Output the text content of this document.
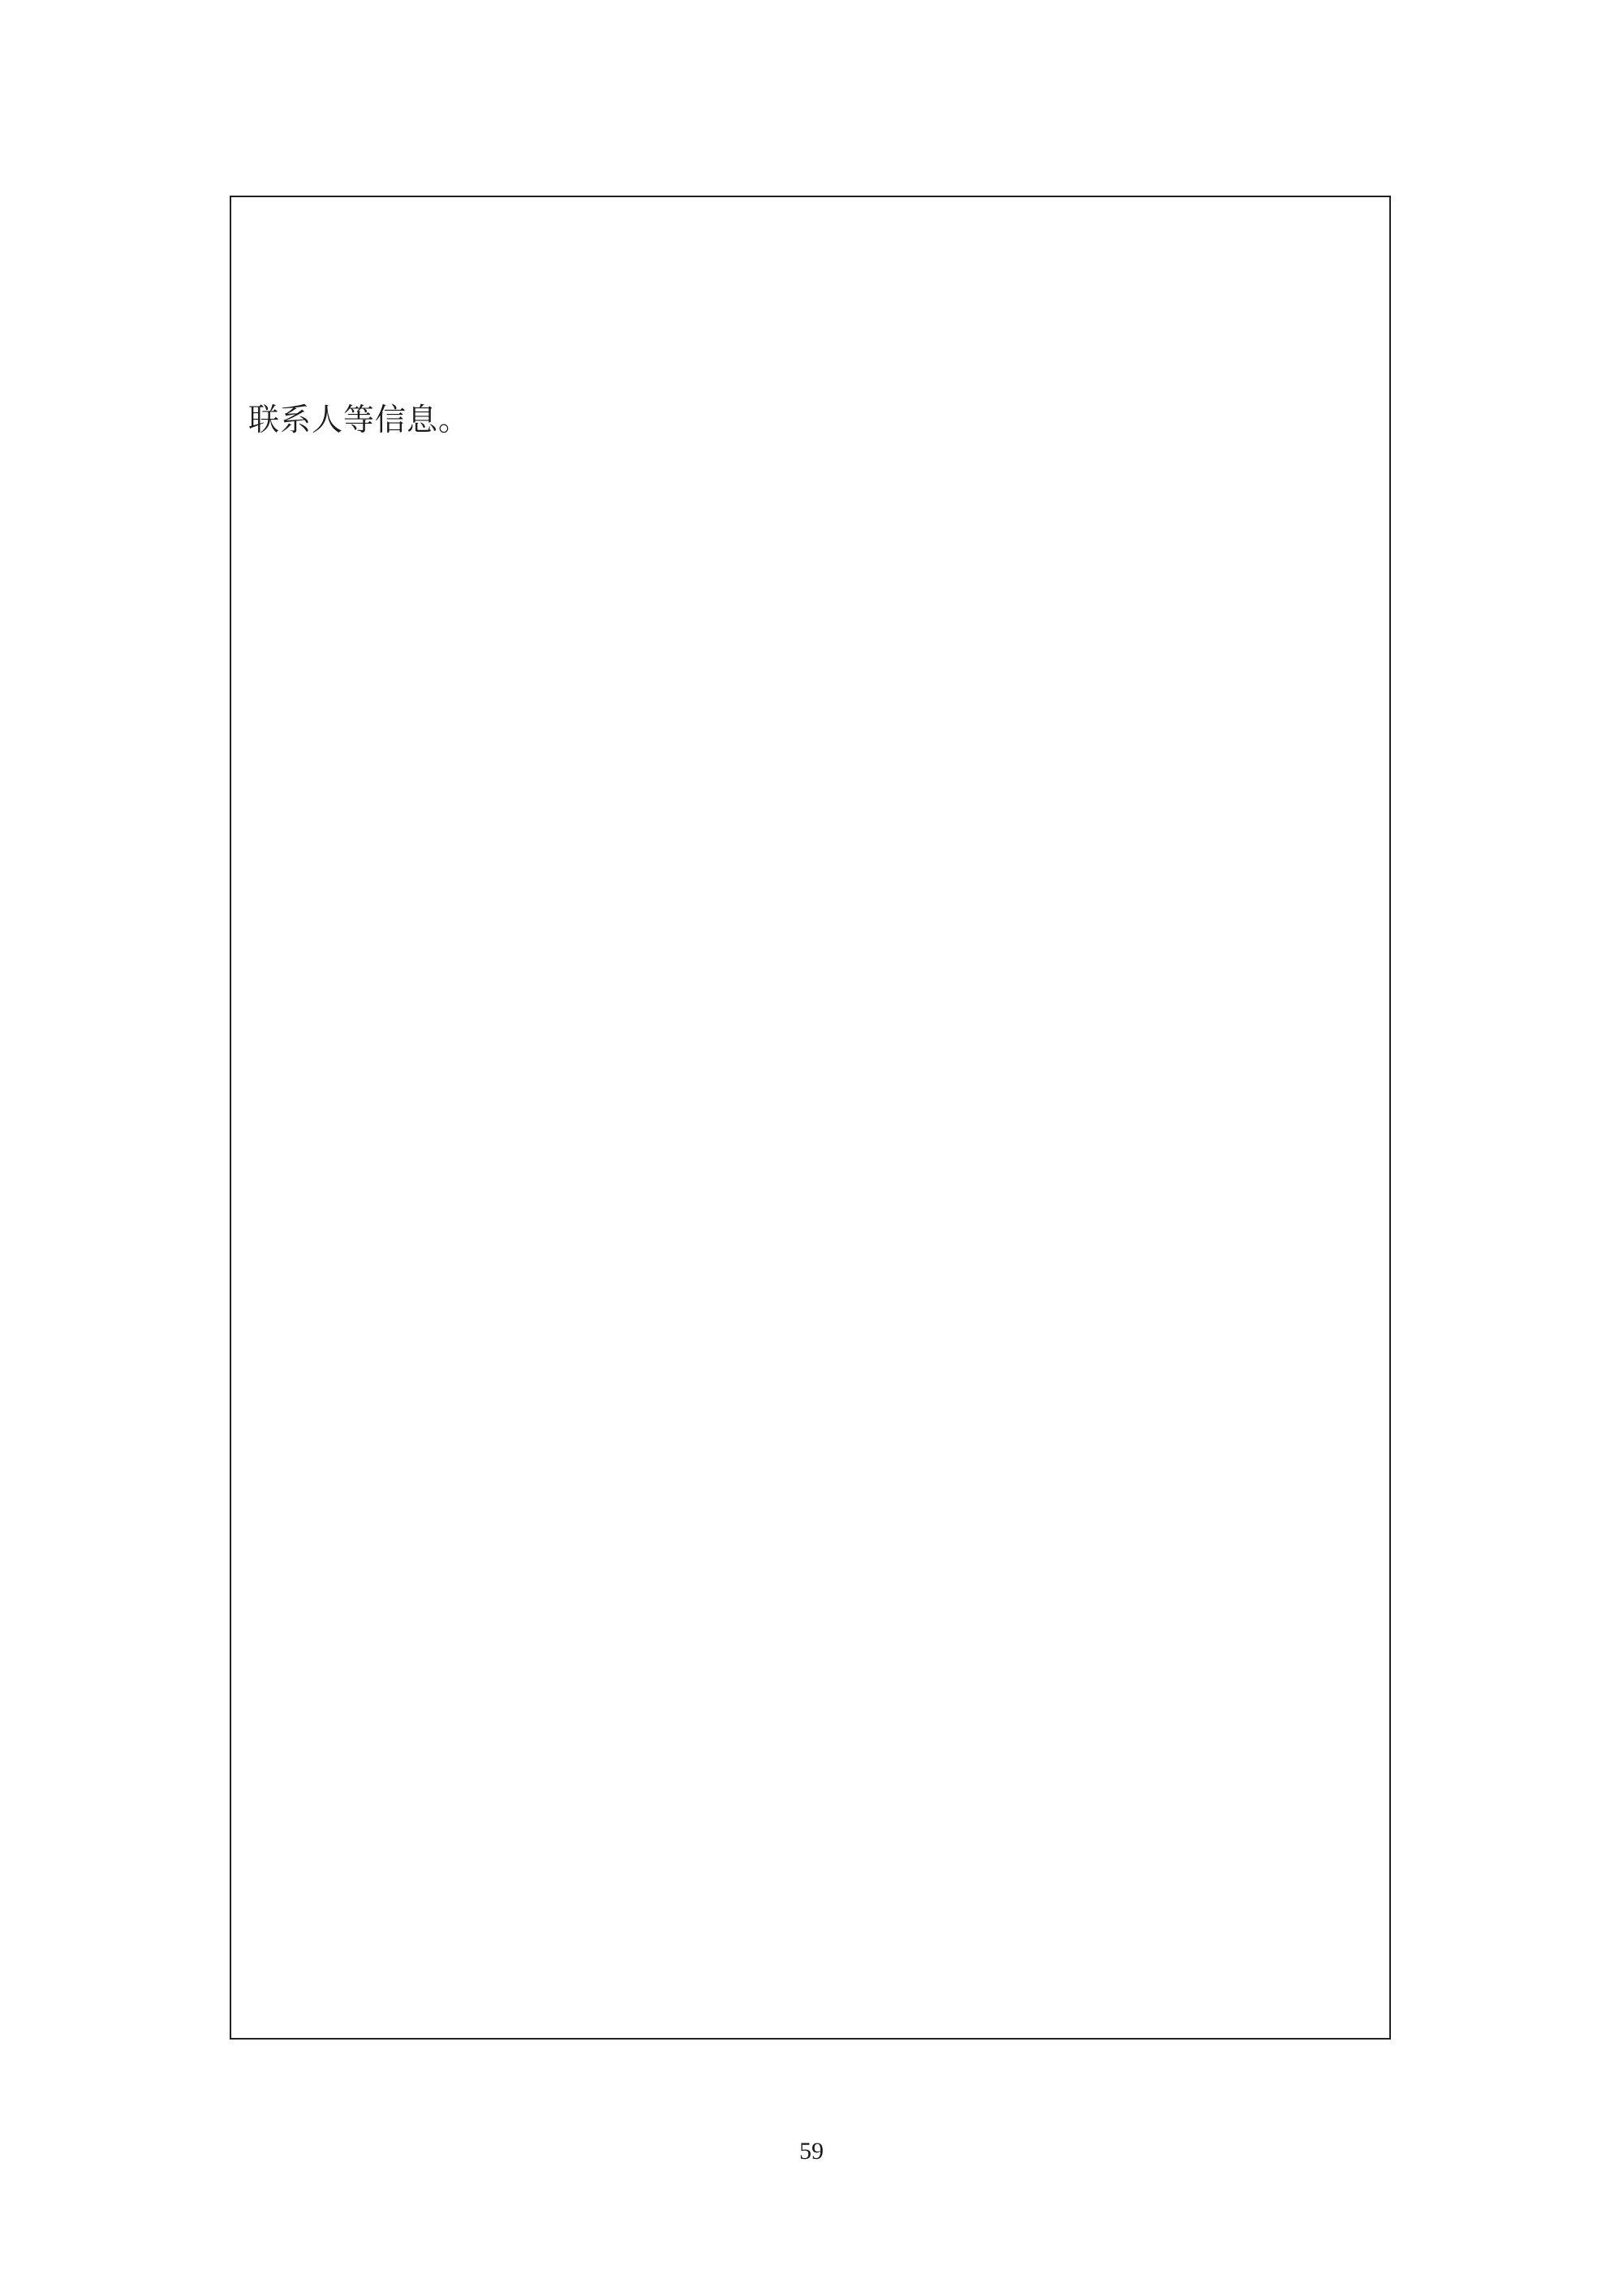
联系人等信息。
59
